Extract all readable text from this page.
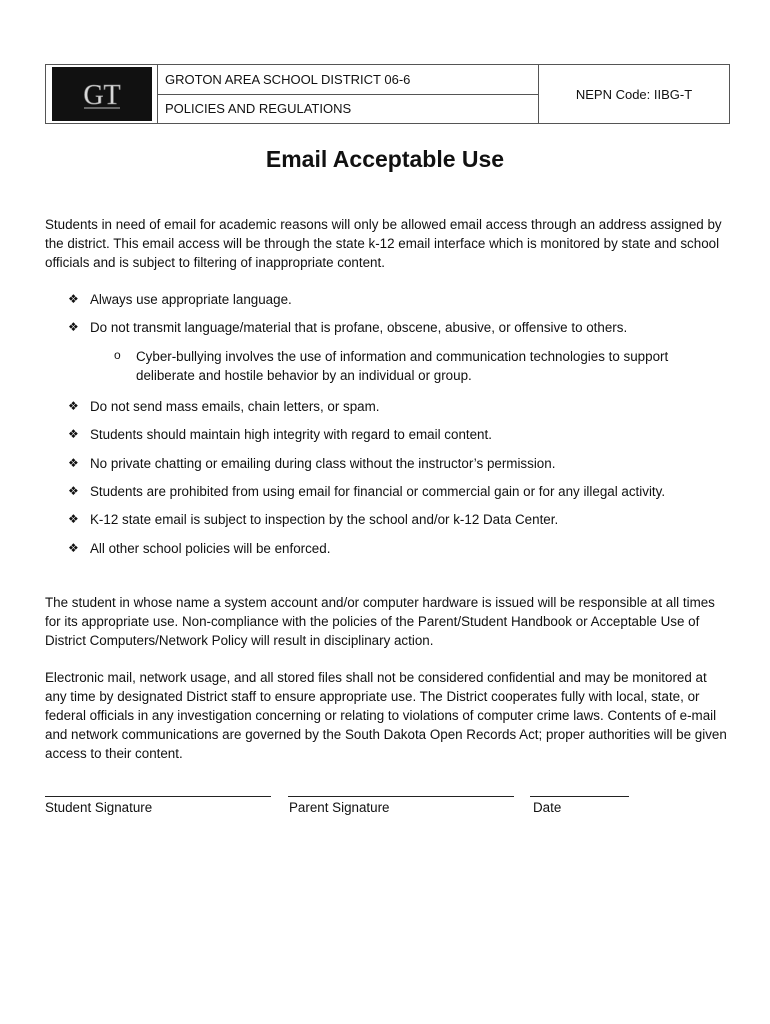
GT
GROTON AREA SCHOOL DISTRICT 06-6
POLICIES AND REGULATIONS
NEPN Code: IIBG-T
Email Acceptable Use

Students in need of email for academic reasons will only be allowed email access through an address assigned by the district. This email access will be through the state k-12 email interface which is monitored by state and school officials and is subject to filtering of inappropriate content.

❖ Always use appropriate language.
❖ Do not transmit language/material that is profane, obscene, abusive, or offensive to others.
o Cyber-bullying involves the use of information and communication technologies to support deliberate and hostile behavior by an individual or group.
❖ Do not send mass emails, chain letters, or spam.
❖ Students should maintain high integrity with regard to email content.
❖ No private chatting or emailing during class without the instructor’s permission.
❖ Students are prohibited from using email for financial or commercial gain or for any illegal activity.
❖ K-12 state email is subject to inspection by the school and/or k-12 Data Center.
❖ All other school policies will be enforced.

The student in whose name a system account and/or computer hardware is issued will be responsible at all times for its appropriate use. Non-compliance with the policies of the Parent/Student Handbook or Acceptable Use of District Computers/Network Policy will result in disciplinary action.

Electronic mail, network usage, and all stored files shall not be considered confidential and may be monitored at any time by designated District staff to ensure appropriate use. The District cooperates fully with local, state, or federal officials in any investigation concerning or relating to violations of computer crime laws. Contents of e-mail and network communications are governed by the South Dakota Open Records Act; proper authorities will be given access to their content.

Student Signature	Parent Signature	Date
